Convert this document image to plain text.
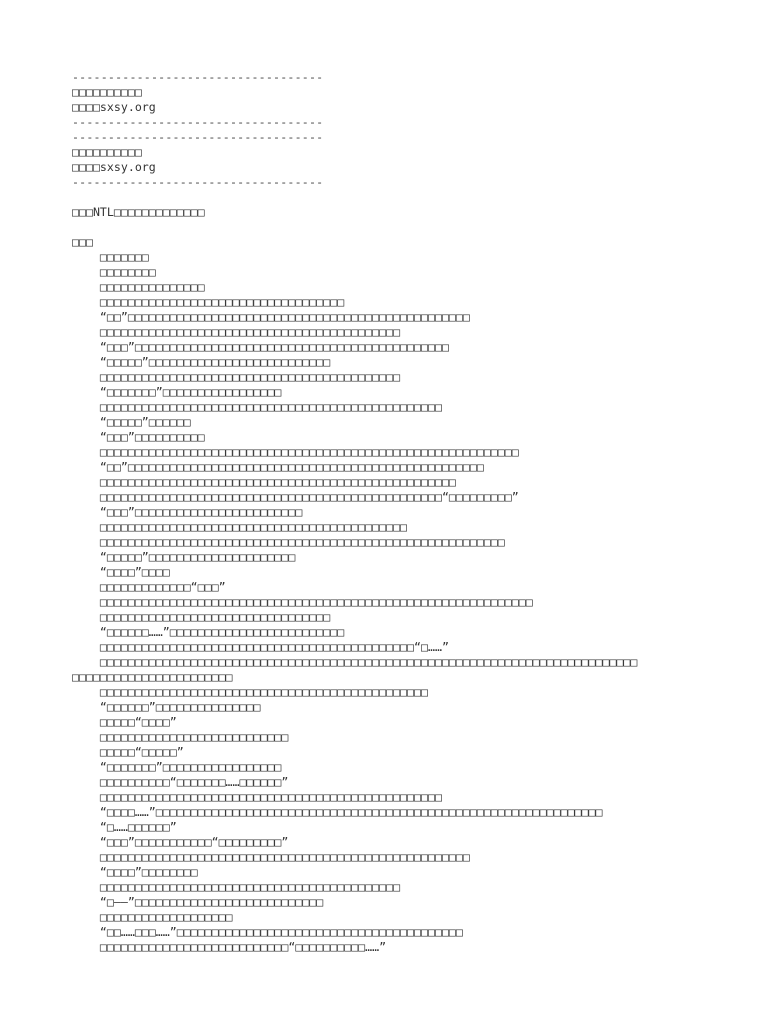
-----------------------------------
□□□□□□□□□□
□□□□sxsy.org
-----------------------------------
-----------------------------------
□□□□□□□□□□
□□□□sxsy.org
-----------------------------------
□□□NTL□□□□□□□□□□□□□
□□□
□□□□□□□
□□□□□□□□
□□□□□□□□□□□□□□□
□□□□□□□□□□□□□□□□□□□□□□□□□□□□□□□□□□□
“□□”□□□□□□□□□□□□□□□□□□□□□□□□□□□□□□□□□□□□□□□□□□□□□□□□□
□□□□□□□□□□□□□□□□□□□□□□□□□□□□□□□□□□□□□□□□□□□
“□□□”□□□□□□□□□□□□□□□□□□□□□□□□□□□□□□□□□□□□□□□□□□□□□
“□□□□□”□□□□□□□□□□□□□□□□□□□□□□□□□□
□□□□□□□□□□□□□□□□□□□□□□□□□□□□□□□□□□□□□□□□□□□
“□□□□□□□”□□□□□□□□□□□□□□□□□
□□□□□□□□□□□□□□□□□□□□□□□□□□□□□□□□□□□□□□□□□□□□□□□□□
“□□□□□”□□□□□□
“□□□”□□□□□□□□□□
□□□□□□□□□□□□□□□□□□□□□□□□□□□□□□□□□□□□□□□□□□□□□□□□□□□□□□□□□□□□
“□□”□□□□□□□□□□□□□□□□□□□□□□□□□□□□□□□□□□□□□□□□□□□□□□□□□□□
□□□□□□□□□□□□□□□□□□□□□□□□□□□□□□□□□□□□□□□□□□□□□□□□□□□
□□□□□□□□□□□□□□□□□□□□□□□□□□□□□□□□□□□□□□□□□□□□□□□□□“□□□□□□□□□”
“□□□”□□□□□□□□□□□□□□□□□□□□□□□□
□□□□□□□□□□□□□□□□□□□□□□□□□□□□□□□□□□□□□□□□□□□□
□□□□□□□□□□□□□□□□□□□□□□□□□□□□□□□□□□□□□□□□□□□□□□□□□□□□□□□□□□
“□□□□□”□□□□□□□□□□□□□□□□□□□□□
“□□□□”□□□□
□□□□□□□□□□□□□“□□□”
□□□□□□□□□□□□□□□□□□□□□□□□□□□□□□□□□□□□□□□□□□□□□□□□□□□□□□□□□□□□□□
□□□□□□□□□□□□□□□□□□□□□□□□□□□□□□□□□
“□□□□□□……”□□□□□□□□□□□□□□□□□□□□□□□□□
□□□□□□□□□□□□□□□□□□□□□□□□□□□□□□□□□□□□□□□□□□□□□“□……”
□□□□□□□□□□□□□□□□□□□□□□□□□□□□□□□□□□□□□□□□□□□□□□□□□□□□□□□□□□□□□□□□□□□□□□□□□□□□□
□□□□□□□□□□□□□□□□□□□□□□□
□□□□□□□□□□□□□□□□□□□□□□□□□□□□□□□□□□□□□□□□□□□□□□□
“□□□□□□”□□□□□□□□□□□□□□□
□□□□□“□□□□”
□□□□□□□□□□□□□□□□□□□□□□□□□□□
□□□□□“□□□□□”
“□□□□□□□”□□□□□□□□□□□□□□□□□
□□□□□□□□□□“□□□□□□□……□□□□□□”
□□□□□□□□□□□□□□□□□□□□□□□□□□□□□□□□□□□□□□□□□□□□□□□□□
“□□□□……”□□□□□□□□□□□□□□□□□□□□□□□□□□□□□□□□□□□□□□□□□□□□□□□□□□□□□□□□□□□□□□□□
“□……□□□□□□”
“□□□”□□□□□□□□□□□“□□□□□□□□□”
□□□□□□□□□□□□□□□□□□□□□□□□□□□□□□□□□□□□□□□□□□□□□□□□□□□□□
“□□□□”□□□□□□□□
□□□□□□□□□□□□□□□□□□□□□□□□□□□□□□□□□□□□□□□□□□□
“□——”□□□□□□□□□□□□□□□□□□□□□□□□□□□
□□□□□□□□□□□□□□□□□□□
“□□……□□□……”□□□□□□□□□□□□□□□□□□□□□□□□□□□□□□□□□□□□□□□□□
□□□□□□□□□□□□□□□□□□□□□□□□□□□“□□□□□□□□□□……”
